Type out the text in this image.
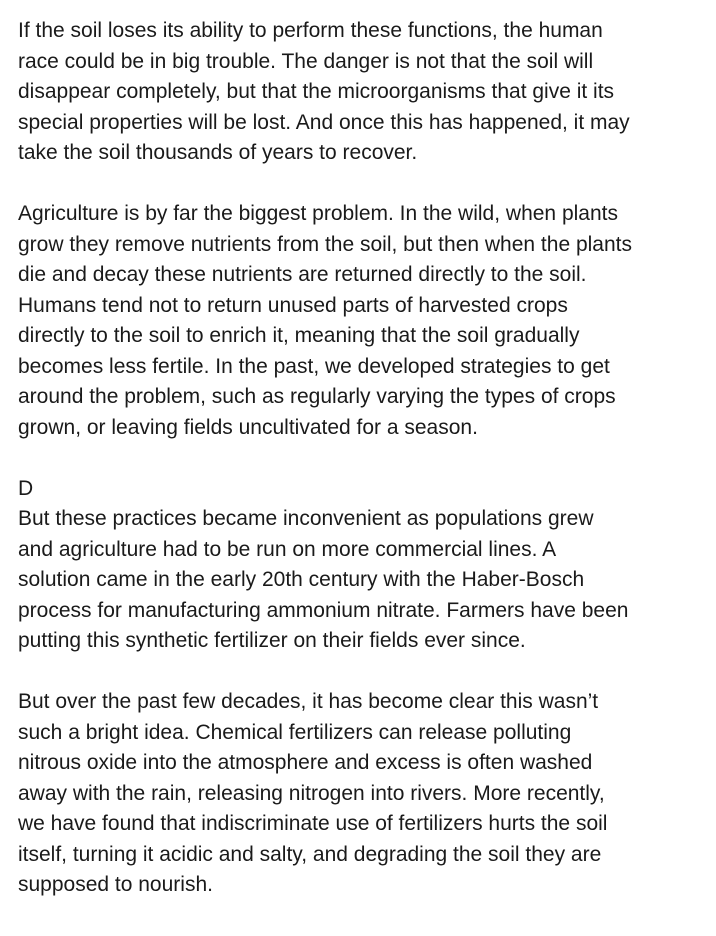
If the soil loses its ability to perform these functions, the human
race could be in big trouble. The danger is not that the soil will
disappear completely, but that the microorganisms that give it its
special properties will be lost. And once this has happened, it may
take the soil thousands of years to recover.
Agriculture is by far the biggest problem. In the wild, when plants
grow they remove nutrients from the soil, but then when the plants
die and decay these nutrients are returned directly to the soil.
Humans tend not to return unused parts of harvested crops
directly to the soil to enrich it, meaning that the soil gradually
becomes less fertile. In the past, we developed strategies to get
around the problem, such as regularly varying the types of crops
grown, or leaving fields uncultivated for a season.
D
But these practices became inconvenient as populations grew
and agriculture had to be run on more commercial lines. A
solution came in the early 20th century with the Haber-Bosch
process for manufacturing ammonium nitrate. Farmers have been
putting this synthetic fertilizer on their fields ever since.
But over the past few decades, it has become clear this wasn’t
such a bright idea. Chemical fertilizers can release polluting
nitrous oxide into the atmosphere and excess is often washed
away with the rain, releasing nitrogen into rivers. More recently,
we have found that indiscriminate use of fertilizers hurts the soil
itself, turning it acidic and salty, and degrading the soil they are
supposed to nourish.
